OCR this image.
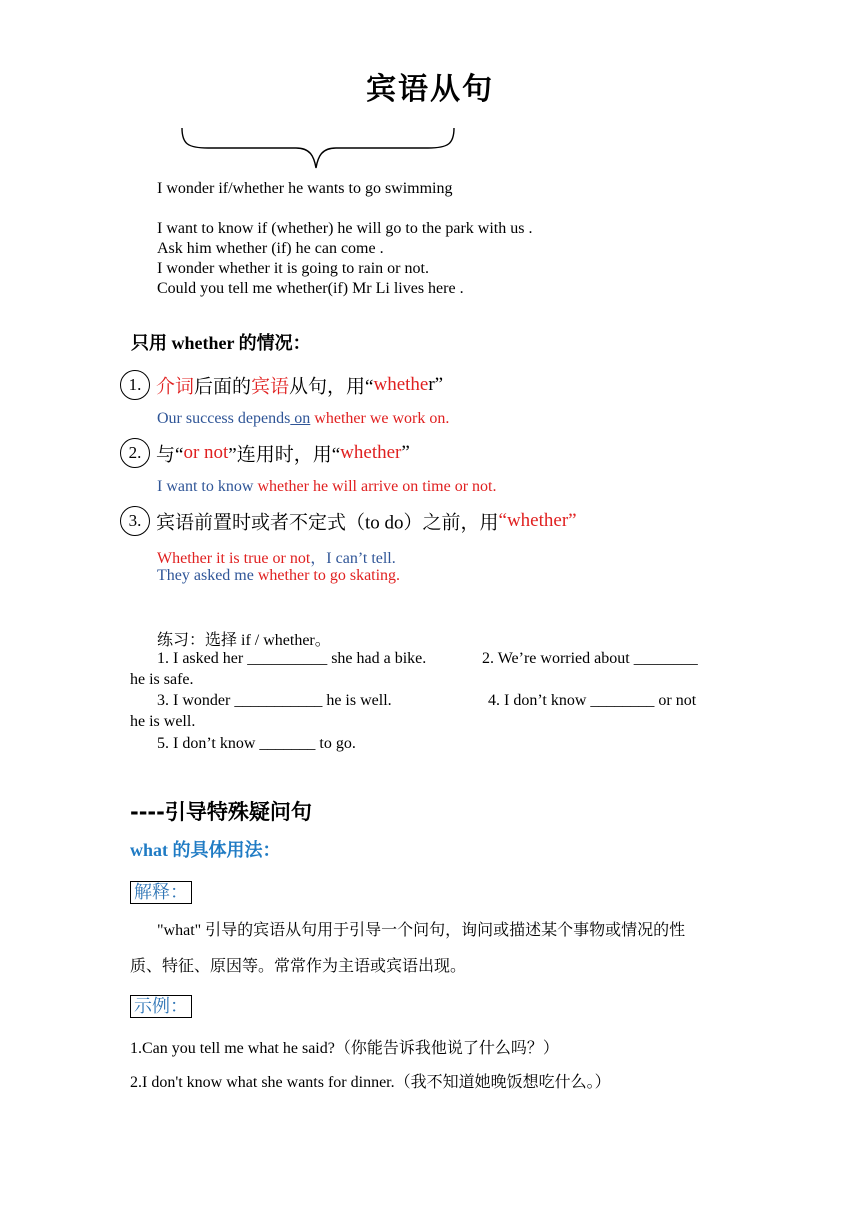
宾语从句
I wonder if/whether he wants to go swimming
I want to know if (whether) he will go to the park with us .
Ask him whether (if) he can come .
I wonder whether it is going to rain or not.
Could you tell me whether(if) Mr Li lives here .
只用 whether 的情况：
1. 介词后面的宾语从句，用“whether”
Our success depends on whether we work on.
2. 与“or not”连用时，用“whether”
I want to know whether he will arrive on time or not.
3. 宾语前置时或者不定式（to do）之前，用“whether”
Whether it is true or not，I can’t tell.
They asked me whether to go skating.
练习：选择 if / whether。
1. I asked her __________ she had a bike.	2. We’re worried about ________
he is safe.
3. I wonder ___________ he is well.	4. I don’t know ________ or not
he is well.
5. I don’t know _______ to go.
----引导特殊疑问句
what 的具体用法：
解释：
"what" 引导的宾语从句用于引导一个问句，询问或描述某个事物或情况的性
质、特征、原因等。常常作为主语或宾语出现。
示例：
1.Can you tell me what he said?（你能告诉我他说了什么吗？）
2.I don't know what she wants for dinner.（我不知道她晚饭想吃什么。）
